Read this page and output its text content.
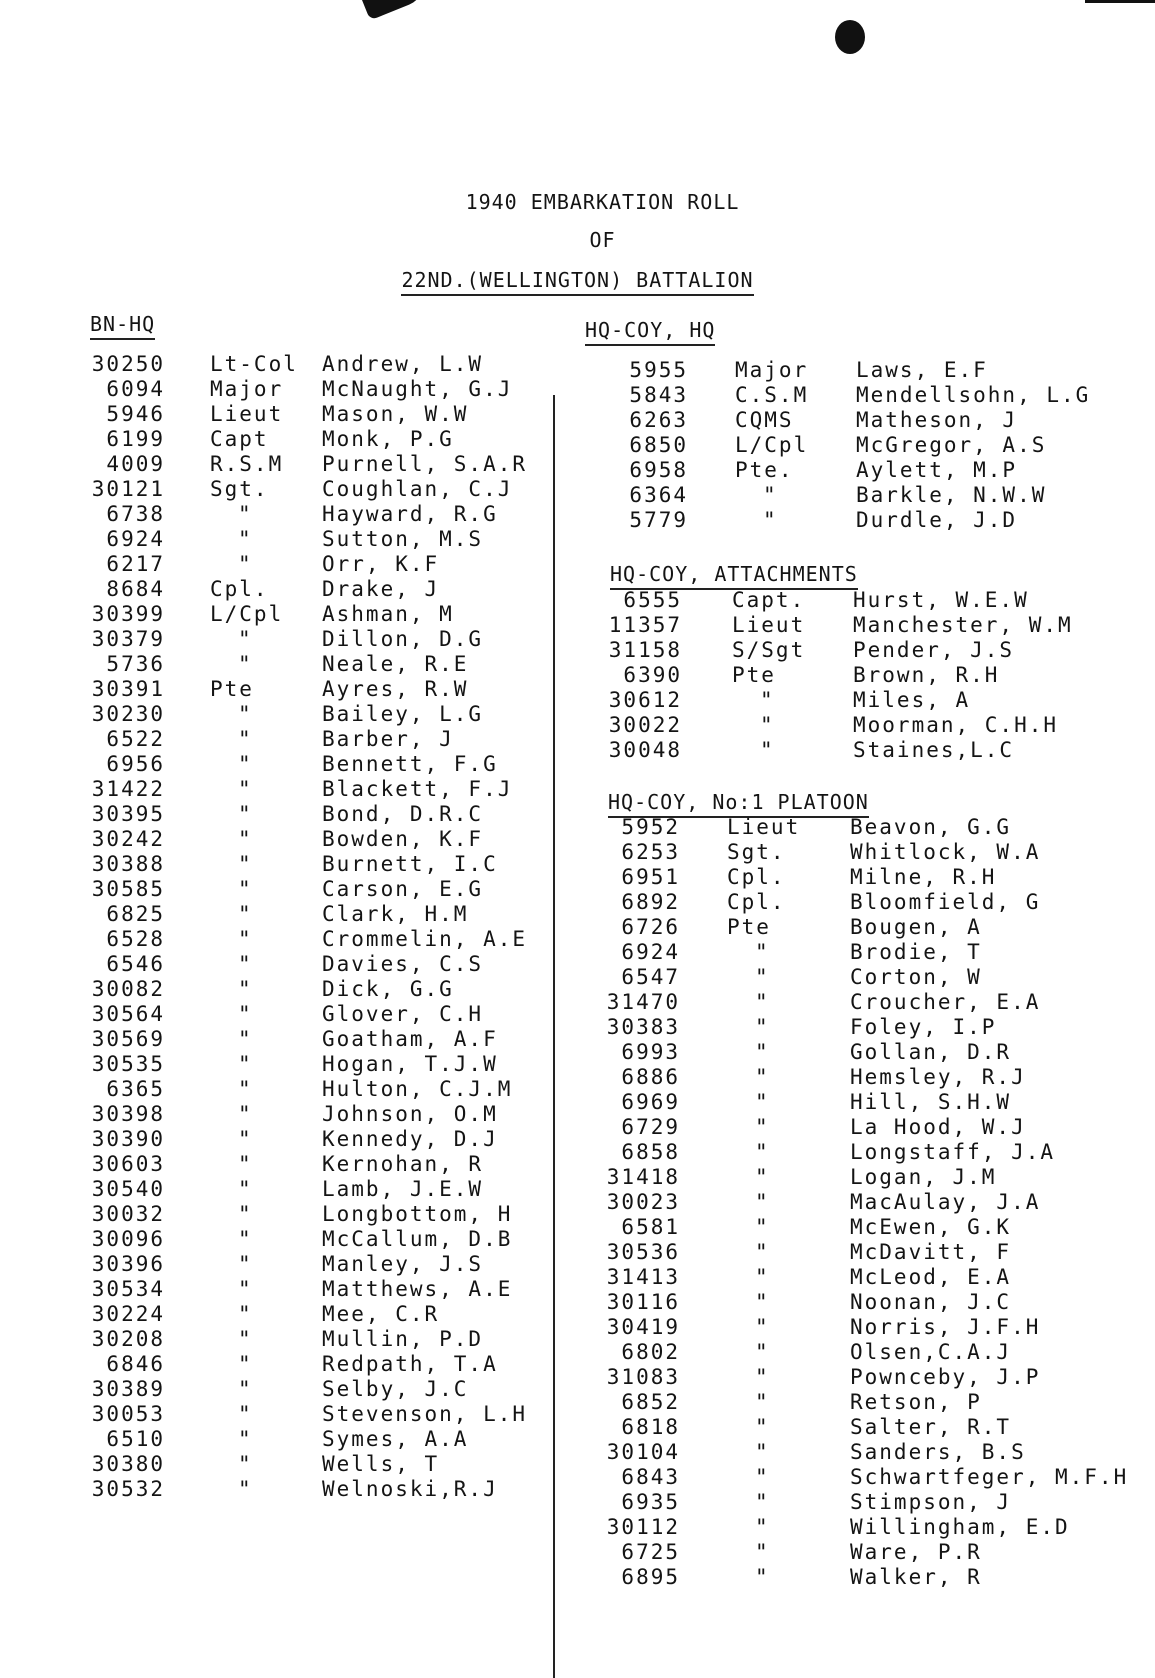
1940 EMBARKATION ROLL
OF
22ND.(WELLINGTON) BATTALION
BN-HQ
30250 Lt-Col Andrew, L.W
6094 Major McNaught, G.J
5946 Lieut Mason, W.W
6199 Capt	Monk, P.G
4009 R.S.M Purnell, S.A.R
30121 Sgt.	Coughlan, C.J
6738	"	Hayward, R.G
6924	"	Sutton, M.S
6217	"	Orr, K.F
8684 Cpl.	Drake, J
30399 L/Cpl Ashman, M
30379	"	Dillon, D.G
5736	"	Neale, R.E
30391 Pte	Ayres, R.W
30230	"	Bailey, L.G
6522	"	Barber, J
6956	"	Bennett, F.G
31422	"	Blackett, F.J
30395	"	Bond, D.R.C
30242	"	Bowden, K.F
30388	"	Burnett, I.C
30585	"	Carson, E.G
6825	"	Clark, H.M
6528	"	Crommelin, A.E
6546	"	Davies, C.S
30082	"	Dick, G.G
30564	"	Glover, C.H
30569	"	Goatham, A.F
30535	"	Hogan, T.J.W
6365	"	Hulton, C.J.M
30398	"	Johnson, O.M
30390	"	Kennedy, D.J
30603	"	Kernohan, R
30540	"	Lamb, J.E.W
30032	"	Longbottom, H
30096	"	McCallum, D.B
30396	"	Manley, J.S
30534	"	Matthews, A.E
30224	"	Mee, C.R
30208	"	Mullin, P.D
6846	"	Redpath, T.A
30389	"	Selby, J.C
30053	"	Stevenson, L.H
6510	"	Symes, A.A
30380	"	Wells, T
30532	"	Welnoski,R.J
HQ-COY, HQ
5955 Major Laws, E.F
5843 C.S.M Mendellsohn, L.G
6263 CQMS	Matheson, J
6850 L/Cpl McGregor, A.S
6958 Pte.	Aylett, M.P
6364	"	Barkle, N.W.W
5779	"	Durdle, J.D
HQ-COY, ATTACHMENTS
6555 Capt. Hurst, W.E.W
11357 Lieut Manchester, W.M
31158 S/Sgt Pender, J.S
6390 Pte	Brown, R.H
30612	"	Miles, A
30022	"	Moorman, C.H.H
30048	"	Staines,L.C
HQ-COY, No:1 PLATOON
5952 Lieut Beavon, G.G
6253 Sgt.	Whitlock, W.A
6951 Cpl.	Milne, R.H
6892 Cpl.	Bloomfield, G
6726 Pte	Bougen, A
6924	"	Brodie, T
6547	"	Corton, W
31470	"	Croucher, E.A
30383	"	Foley, I.P
6993	"	Gollan, D.R
6886	"	Hemsley, R.J
6969	"	Hill, S.H.W
6729	"	La Hood, W.J
6858	"	Longstaff, J.A
31418	"	Logan, J.M
30023	"	MacAulay, J.A
6581	"	McEwen, G.K
30536	"	McDavitt, F
31413	"	McLeod, E.A
30116	"	Noonan, J.C
30419	"	Norris, J.F.H
6802	"	Olsen,C.A.J
31083	"	Pownceby, J.P
6852	"	Retson, P
6818	"	Salter, R.T
30104	"	Sanders, B.S
6843	"	Schwartfeger, M.F.H
6935	"	Stimpson, J
30112	"	Willingham, E.D
6725	"	Ware, P.R
6895	"	Walker, R
